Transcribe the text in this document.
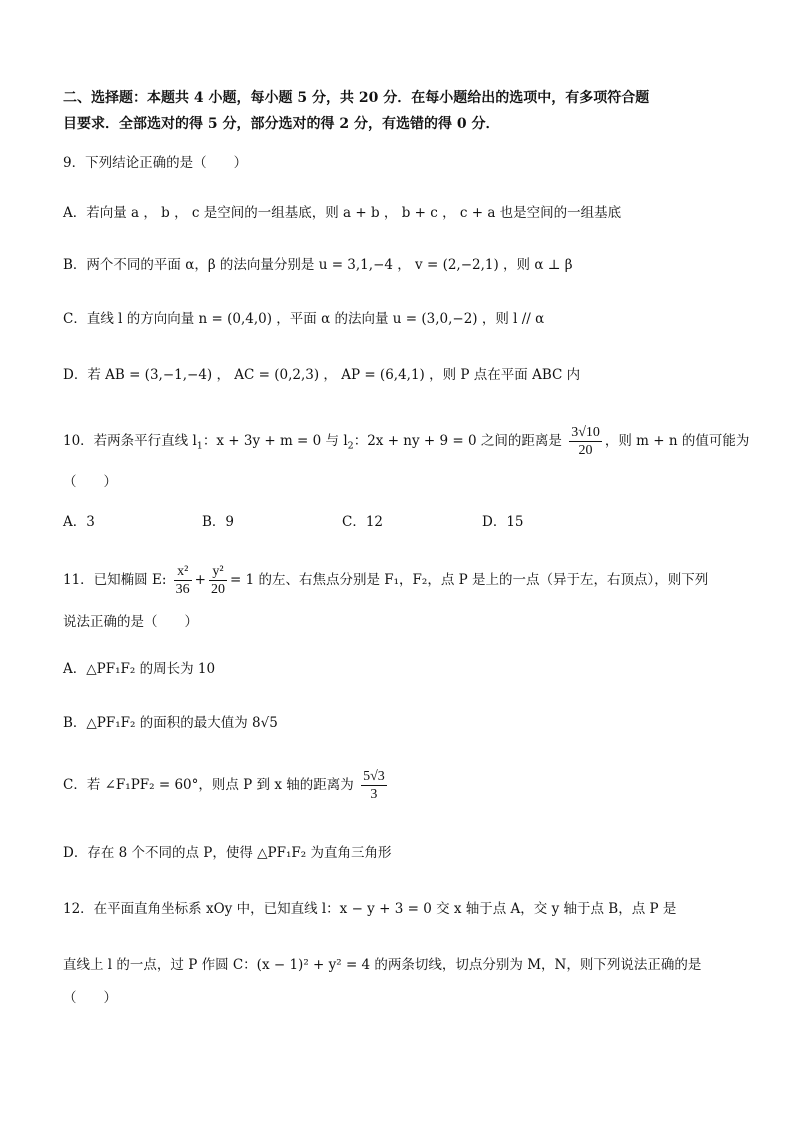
二、选择题：本题共 4 小题，每小题 5 分，共 20 分．在每小题给出的选项中，有多项符合题
目要求．全部选对的得 5 分，部分选对的得 2 分，有选错的得 0 分．
9．下列结论正确的是（　　）
A．若向量 a ， b ， c 是空间的一组基底，则 a + b ， b + c ， c + a 也是空间的一组基底
B．两个不同的平面 α，β 的法向量分别是 u = 3,1,−4 ， v = (2,−2,1) ，则 α ⊥ β
C．直线 l 的方向向量 n = (0,4,0) ，平面 α 的法向量 u = (3,0,−2) ，则 l // α
D．若 AB = (3,−1,−4) ， AC = (0,2,3) ， AP = (6,4,1) ，则 P 点在平面 ABC 内
10．若两条平行直线 $l_1$：x + 3y + m = 0 与 $l_2$：2x + ny + 9 = 0 之间的距离是 $\frac{3√10}{20}$ ，则 m + n 的值可能为
（　　）
A．3	B．9	C．12	D．15
11．已知椭圆 E: $\frac{\text{x²}}{36} + \frac{\text{y²}}{20} = 1$ 的左、右焦点分别是 F₁，F₂，点 P 是上的一点（异于左，右顶点），则下列
说法正确的是（　　）
A．△PF₁F₂ 的周长为 10
B．△PF₁F₂ 的面积的最大值为 8√5
C．若 ∠F₁PF₂ = 60°，则点 P 到 x 轴的距离为 $\frac{5√3}{3}$
D．存在 8 个不同的点 P，使得 △PF₁F₂ 为直角三角形
12．在平面直角坐标系 xOy 中，已知直线 l：x − y + 3 = 0 交 x 轴于点 A，交 y 轴于点 B，点 P 是
直线上 l 的一点，过 P 作圆 C：(x − 1)² + y² = 4 的两条切线，切点分别为 M，N，则下列说法正确的是
（　　）
